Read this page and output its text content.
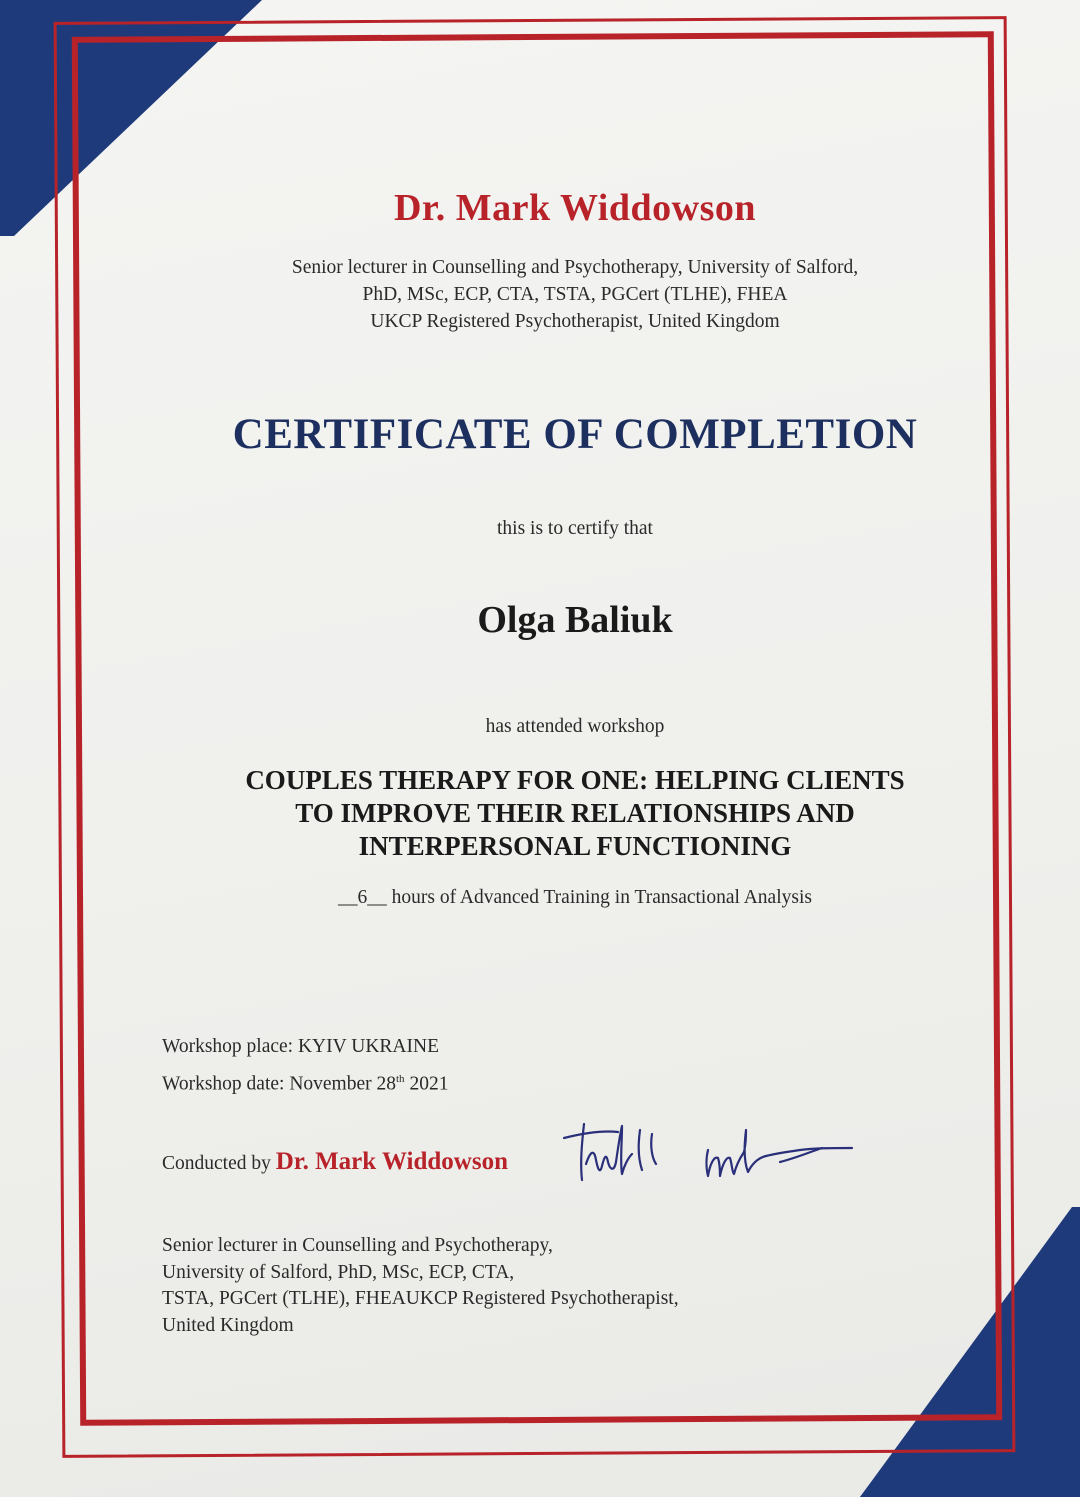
Dr. Mark Widdowson
Senior lecturer in Counselling and Psychotherapy, University of Salford,
PhD, MSc, ECP, CTA, TSTA, PGCert (TLHE), FHEA
UKCP Registered Psychotherapist, United Kingdom
CERTIFICATE OF COMPLETION
this is to certify that
Olga Baliuk
has attended workshop
COUPLES THERAPY FOR ONE: HELPING CLIENTS
TO IMPROVE THEIR RELATIONSHIPS AND
INTERPERSONAL FUNCTIONING
__6__ hours of Advanced Training in Transactional Analysis
Workshop place: KYIV UKRAINE
Workshop date: November 28th 2021
Conducted by Dr. Mark Widdowson
Senior lecturer in Counselling and Psychotherapy,
University of Salford, PhD, MSc, ECP, CTA,
TSTA, PGCert (TLHE), FHEAUKCP Registered Psychotherapist,
United Kingdom
